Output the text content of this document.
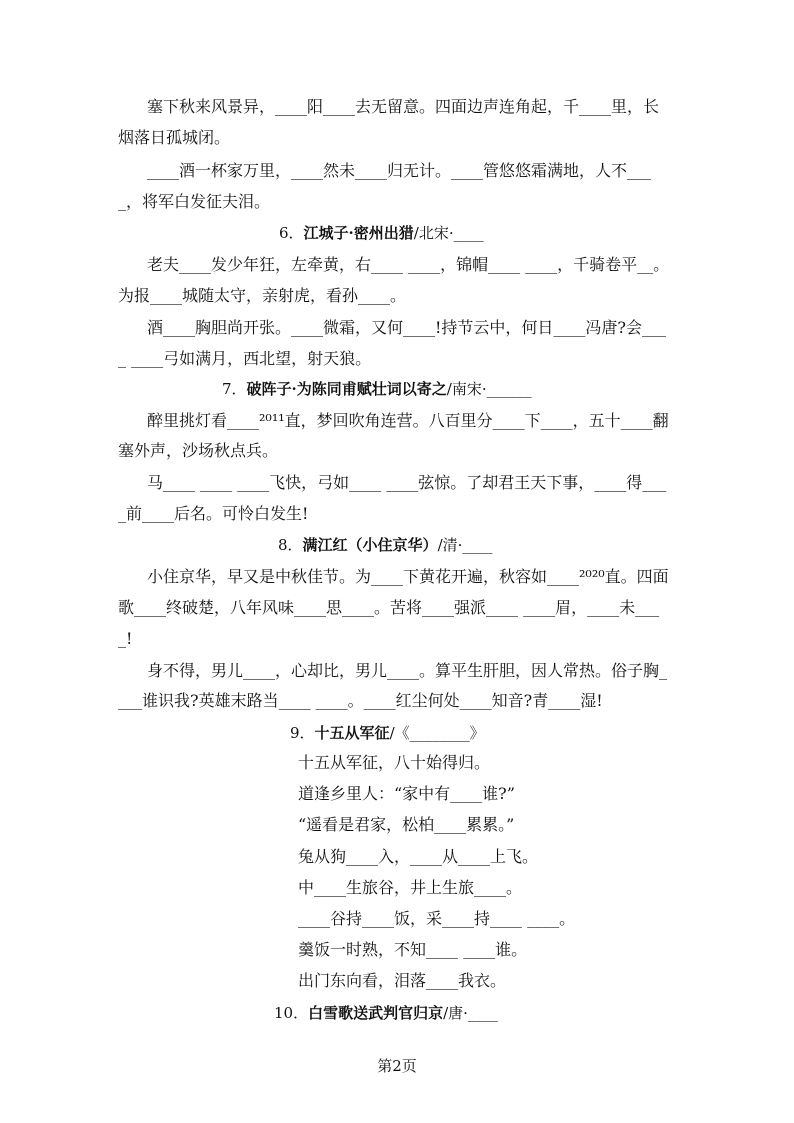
塞下秋来风景异，____阳____去无留意。四面边声连角起，千____里，长
烟落日孤城闭。
____酒一杯家万里，____然未____归无计。____管悠悠霜满地，人不___
_，将军白发征夫泪。
6．江城子·密州出猎/北宋·____
老夫____发少年狂，左牵黄，右____ ____，锦帽____ ____，千骑卷平__。
为报____城随太守，亲射虎，看孙____。
酒____胸胆尚开张。____微霜，又何____!持节云中，何日____冯唐?会___
_ ____弓如满月，西北望，射天狼。
7．破阵子·为陈同甫赋壮词以寄之/南宋·______
醉里挑灯看____²⁰¹¹直，梦回吹角连营。八百里分____下____，五十____翻
塞外声，沙场秋点兵。
马____ ____ ____飞快，弓如____ ____弦惊。了却君王天下事，____得___
_前____后名。可怜白发生!
8．满江红（小住京华）/清·____
小住京华，早又是中秋佳节。为____下黄花开遍，秋容如____²⁰²⁰直。四面
歌____终破楚，八年风味____思____。苦将____强派____ ____眉，____未___
_!
身不得，男儿____，心却比，男儿____。算平生肝胆，因人常热。俗子胸_
___谁识我?英雄末路当____ ____。____红尘何处____知音?青____湿!
9．十五从军征/《________》
十五从军征，八十始得归。
道逢乡里人：“家中有____谁?”
“遥看是君家，松柏____累累。”
兔从狗____入，____从____上飞。
中____生旅谷，井上生旅____。
____谷持____饭，采____持____ ____。
羹饭一时熟，不知____ ____谁。
出门东向看，泪落____我衣。
10．白雪歌送武判官归京/唐·____
第2页
